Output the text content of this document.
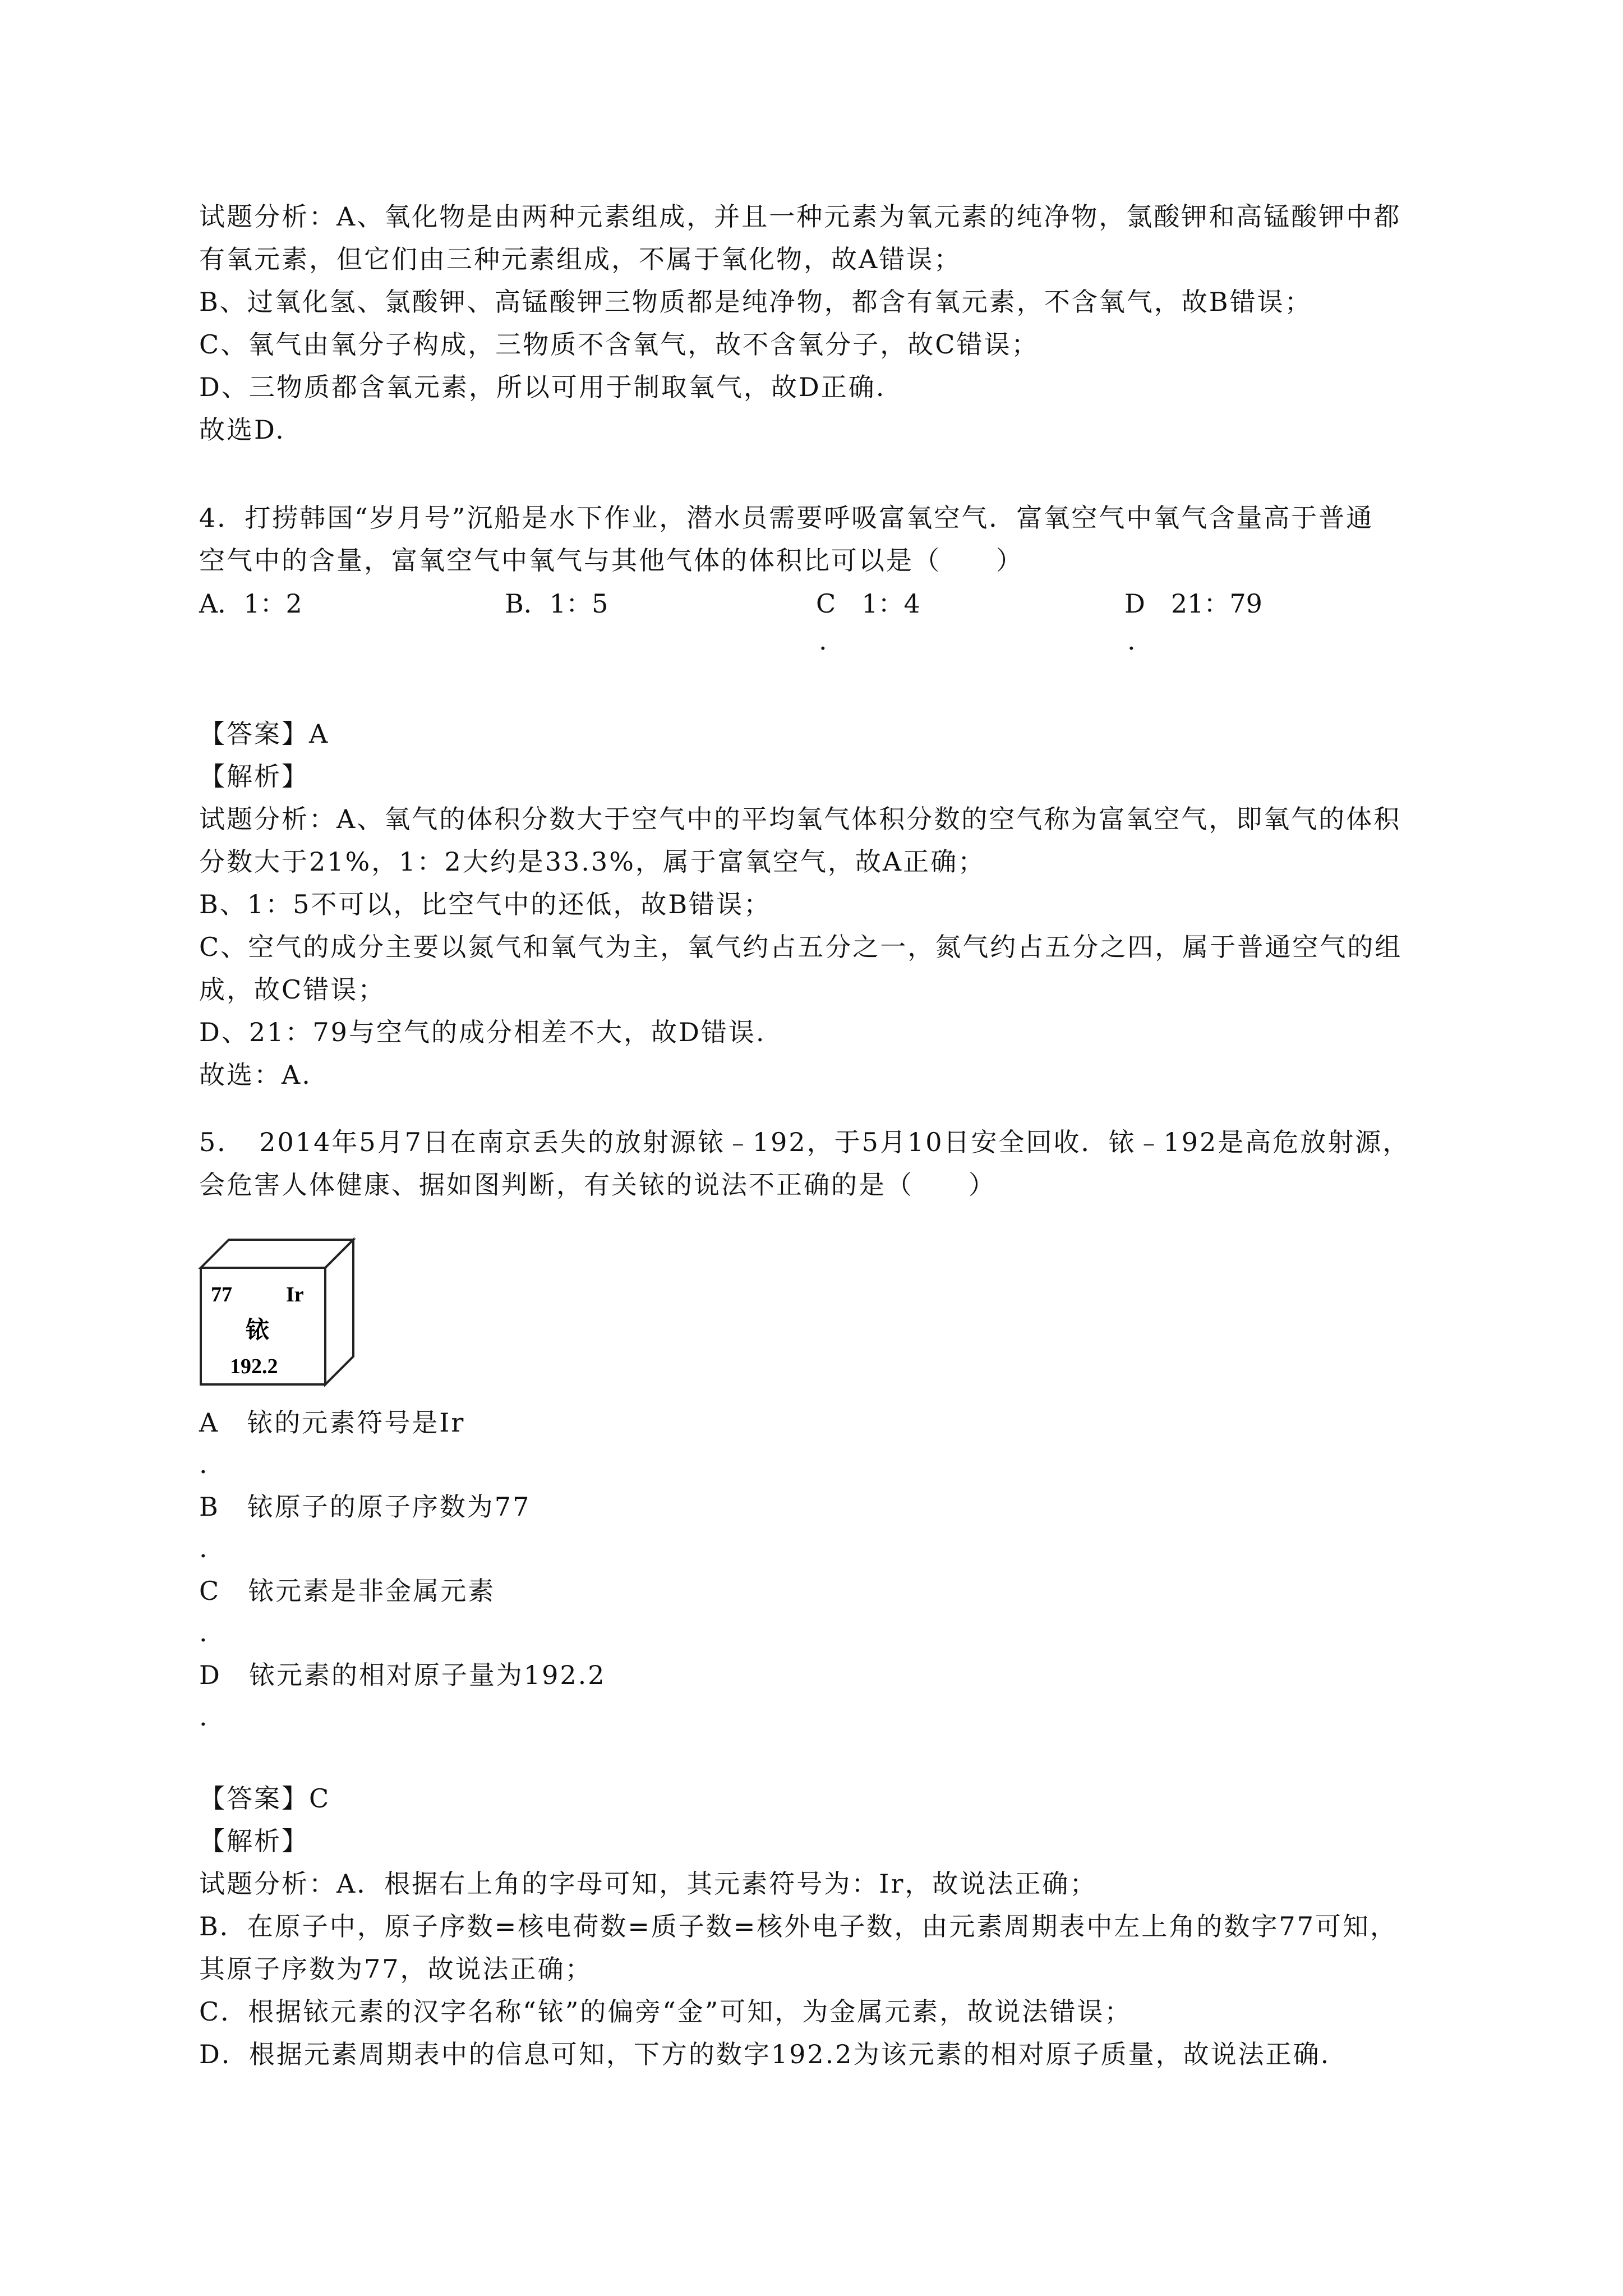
试题分析：A、氧化物是由两种元素组成，并且一种元素为氧元素的纯净物，氯酸钾和高锰酸钾中都
有氧元素，但它们由三种元素组成，不属于氧化物，故A错误；
B、过氧化氢、氯酸钾、高锰酸钾三物质都是纯净物，都含有氧元素，不含氧气，故B错误；
C、氧气由氧分子构成，三物质不含氧气，故不含氧分子，故C错误；
D、三物质都含氧元素，所以可用于制取氧气，故D正确.
故选D.
4．打捞韩国“岁月号”沉船是水下作业，潜水员需要呼吸富氧空气．富氧空气中氧气含量高于普通
空气中的含量，富氧空气中氧气与其他气体的体积比可以是（　　）
A．1：2	B．1：5	C　1：4
.
D　21：79
.
【答案】A
【解析】
试题分析：A、氧气的体积分数大于空气中的平均氧气体积分数的空气称为富氧空气，即氧气的体积
分数大于21%，1：2大约是33.3%，属于富氧空气，故A正确；
B、1：5不可以，比空气中的还低，故B错误；
C、空气的成分主要以氮气和氧气为主，氧气约占五分之一，氮气约占五分之四，属于普通空气的组
成，故C错误；
D、21：79与空气的成分相差不大，故D错误.
故选：A.
5．　2014年5月7日在南京丢失的放射源铱﹣192，于5月10日安全回收．铱﹣192是高危放射源，
会危害人体健康、据如图判断，有关铱的说法不正确的是（　　）
77	Ir
铱
192.2
A　铱的元素符号是Ir
.
B　铱原子的原子序数为77
.
C　铱元素是非金属元素
.
D　铱元素的相对原子量为192.2
.
【答案】C
【解析】
试题分析：A．根据右上角的字母可知，其元素符号为：Ir，故说法正确；
B．在原子中，原子序数=核电荷数=质子数=核外电子数，由元素周期表中左上角的数字77可知，
其原子序数为77，故说法正确；
C．根据铱元素的汉字名称“铱”的偏旁“金”可知，为金属元素，故说法错误；
D．根据元素周期表中的信息可知，下方的数字192.2为该元素的相对原子质量，故说法正确.
